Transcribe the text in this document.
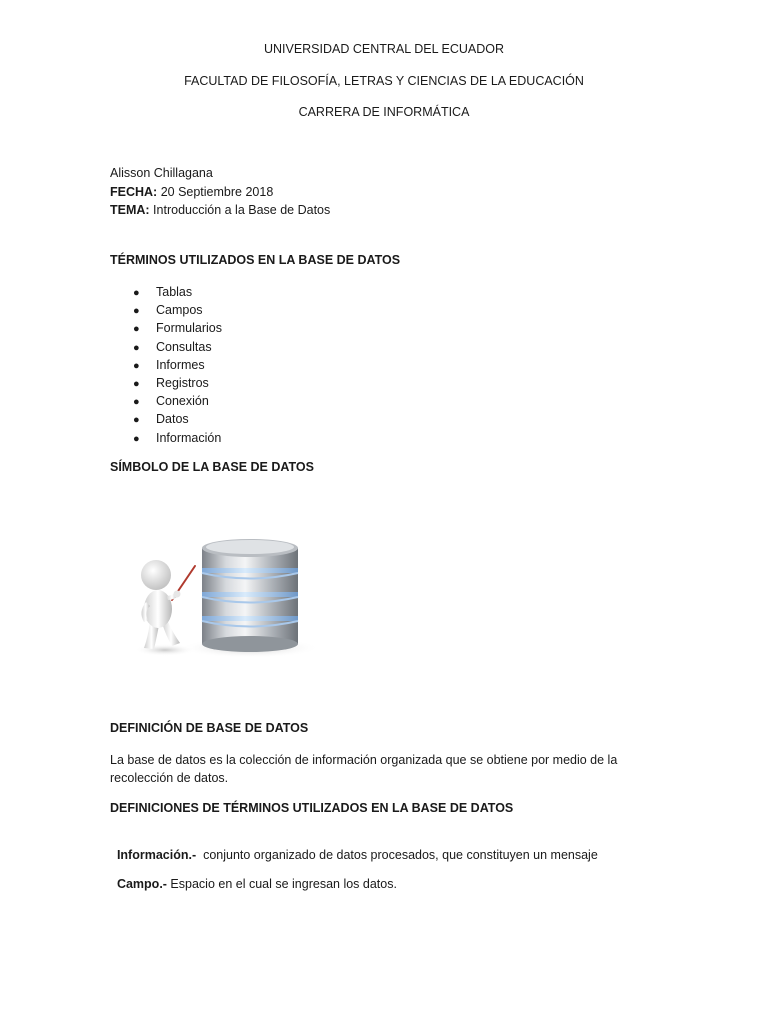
UNIVERSIDAD CENTRAL DEL ECUADOR
FACULTAD DE FILOSOFÍA, LETRAS Y CIENCIAS DE LA EDUCACIÓN
CARRERA DE INFORMÁTICA
Alisson Chillagana
FECHA: 20 Septiembre 2018
TEMA: Introducción a la Base de Datos
TÉRMINOS UTILIZADOS EN LA BASE DE DATOS
● Tablas
● Campos
● Formularios
● Consultas
● Informes
● Registros
● Conexión
● Datos
● Información
SÍMBOLO DE LA BASE DE DATOS
DEFINICIÓN DE BASE DE DATOS
La base de datos es la colección de información organizada que se obtiene por medio de la recolección de datos.
DEFINICIONES DE TÉRMINOS UTILIZADOS EN LA BASE DE DATOS

Información.-  conjunto organizado de datos procesados, que constituyen un mensaje

Campo.- Espacio en el cual se ingresan los datos.
